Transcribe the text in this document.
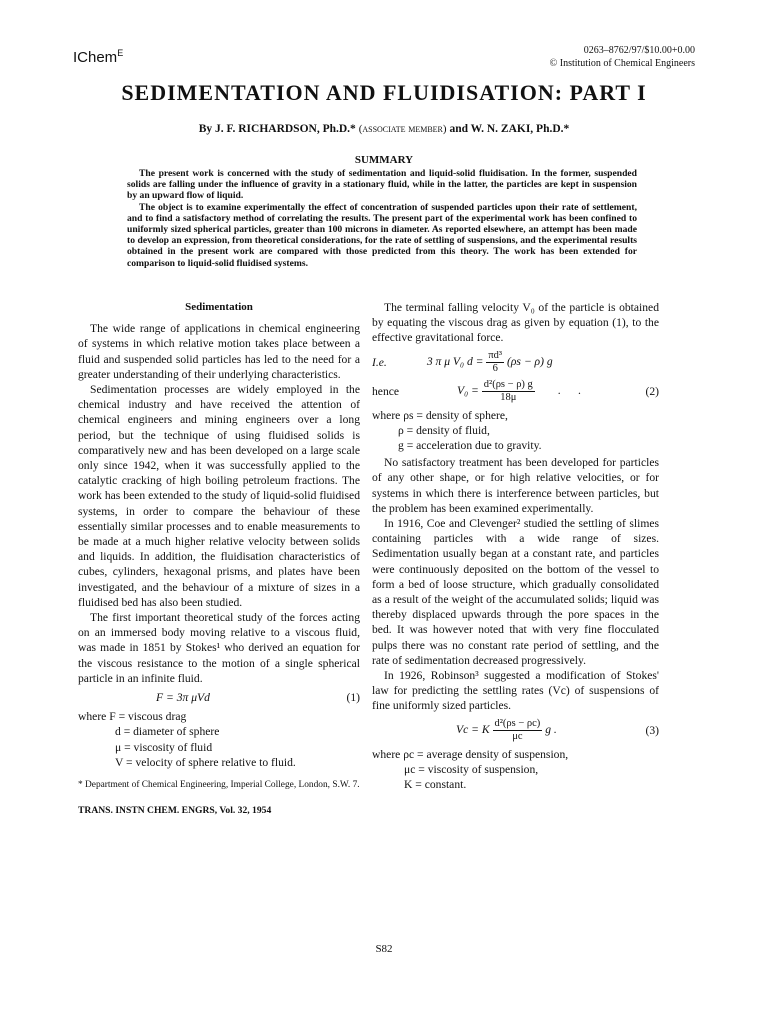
IChem$^E$	0263–8762/97/$10.00+0.00
© Institution of Chemical Engineers
SEDIMENTATION AND FLUIDISATION: PART I
By J. F. RICHARDSON, Ph.D.* (associate member) and W. N. ZAKI, Ph.D.*
SUMMARY

The present work is concerned with the study of sedimentation and liquid-solid fluidisation. In the former, suspended solids are falling under the influence of gravity in a stationary fluid, while in the latter, the particles are kept in suspension by an upward flow of liquid.

The object is to examine experimentally the effect of concentration of suspended particles upon their rate of settlement, and to find a satisfactory method of correlating the results. The present part of the experimental work has been confined to uniformly sized spherical particles, greater than 100 microns in diameter. As reported elsewhere, an attempt has been made to develop an expression, from theoretical considerations, for the rate of settling of suspensions, and the experimental results obtained in the present work are compared with those predicted from this theory. The work has been extended for comparison to liquid-solid fluidised systems.

Sedimentation

The wide range of applications in chemical engineering of systems in which relative motion takes place between a fluid and suspended solid particles has led to the need for a greater understanding of their underlying characteristics.

Sedimentation processes are widely employed in the chemical industry and have received the attention of chemical engineers and mining engineers over a long period, but the technique of using fluidised solids is comparatively new and has been developed on a large scale only since 1942, when it was successfully applied to the catalytic cracking of high boiling petroleum fractions. The work has been extended to the study of liquid-solid fluidised systems, in order to compare the behaviour of these essentially similar processes and to enable measurements to be made at a much higher relative velocity between solids and liquids. In addition, the fluidisation characteristics of cubes, cylinders, hexagonal prisms, and plates have been investigated, and the behaviour of a mixture of sizes in a fluidised bed has also been studied.

The first important theoretical study of the forces acting on an immersed body moving relative to a viscous fluid, was made in 1851 by Stokes¹ who derived an equation for the viscous resistance to the motion of a single spherical particle in an infinite fluid.

F = 3π μVd	(1)
where F = viscous drag
d = diameter of sphere
μ = viscosity of fluid
V = velocity of sphere relative to fluid.
* Department of Chemical Engineering, Imperial College, London, S.W. 7.
TRANS. INSTN CHEM. ENGRS, Vol. 32, 1954

The terminal falling velocity V₀ of the particle is obtained by equating the viscous drag as given by equation (1), to the effective gravitational force.

I.e.	3 π μ V₀ $d = \frac{\text{πd³}}{6} (\rho s - \rho)$ g
hence	$V_0 = \frac{\text{d²(ρs − ρ) g}}{18\mu}$ .      .	(2)
where ρs = density of sphere,
ρ = density of fluid,
g = acceleration due to gravity.

No satisfactory treatment has been developed for particles of any other shape, or for high relative velocities, or for systems in which there is interference between particles, but the problem has been examined experimentally.

In 1916, Coe and Clevenger² studied the settling of slimes containing particles with a wide range of sizes. Sedimentation usually began at a constant rate, and particles were continuously deposited on the bottom of the vessel to form a bed of loose structure, which gradually consolidated as a result of the weight of the accumulated solids; liquid was thereby displaced upwards through the pore spaces in the bed. It was however noted that with very fine flocculated pulps there was no constant rate period of settling, and the rate of sedimentation decreased progressively.

In 1926, Robinson³ suggested a modification of Stokes' law for predicting the settling rates (Vc) of suspensions of fine uniformly sized particles.

Vc = K $\frac{\text{d²(ρs − ρc)}}{\mu c}$ g .	(3)
where ρc = average density of suspension,
μc = viscosity of suspension,
K = constant.
S82
